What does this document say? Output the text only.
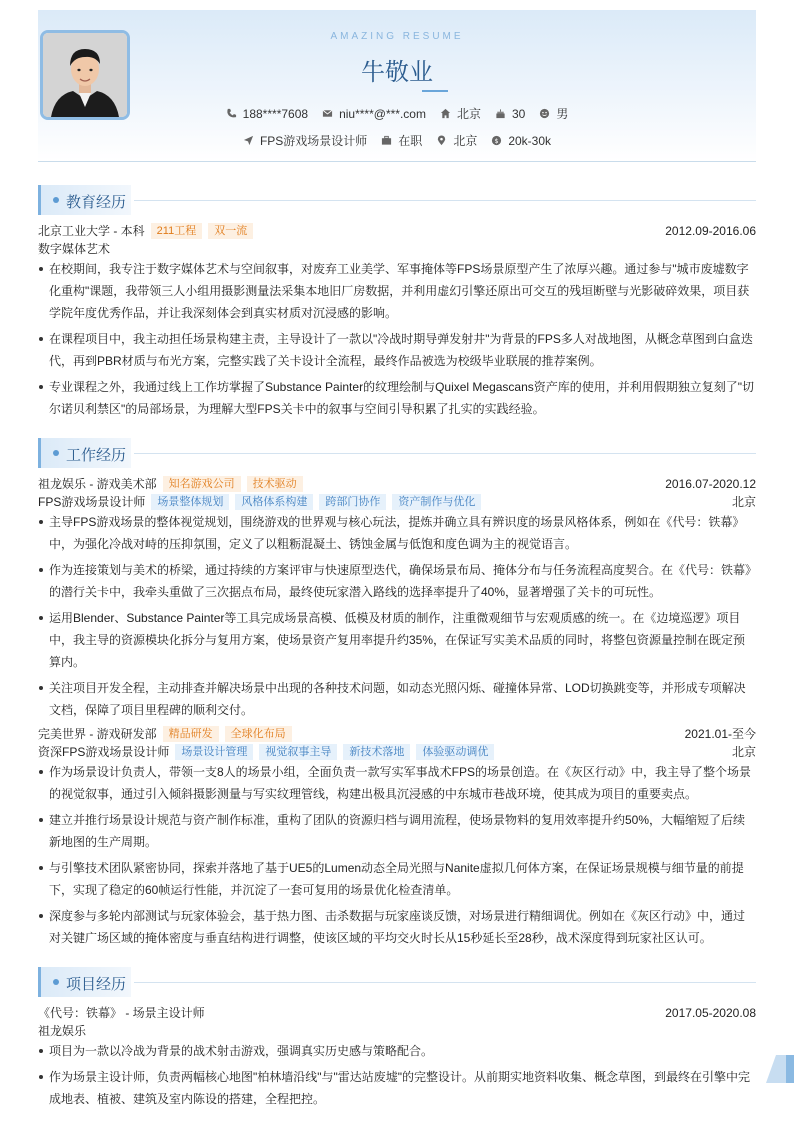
AMAZING RESUME
牛敬业
188****7608	niu****@***.com	北京	30	男
FPS游戏场景设计师	在职	北京 $ 20k-30k
教育经历
北京工业大学 - 本科	211工程	双一流	2012.09-2016.06
数字媒体艺术
在校期间，我专注于数字媒体艺术与空间叙事，对废弃工业美学、军事掩体等FPS场景原型产生了浓厚兴趣。通过参与"城市废墟数字化重构"课题，我带领三人小组用摄影测量法采集本地旧厂房数据，并利用虚幻引擎还原出可交互的残垣断壁与光影破碎效果，项目获学院年度优秀作品，并让我深刻体会到真实材质对沉浸感的影响。
在课程项目中，我主动担任场景构建主责，主导设计了一款以"冷战时期导弹发射井"为背景的FPS多人对战地图，从概念草图到白盒迭代，再到PBR材质与布光方案，完整实践了关卡设计全流程，最终作品被选为校级毕业联展的推荐案例。
专业课程之外，我通过线上工作坊掌握了Substance Painter的纹理绘制与Quixel Megascans资产库的使用，并利用假期独立复刻了"切尔诺贝利禁区"的局部场景，为理解大型FPS关卡中的叙事与空间引导积累了扎实的实践经验。
工作经历
祖龙娱乐 - 游戏美术部	知名游戏公司	技术驱动	2016.07-2020.12
FPS游戏场景设计师	场景整体规划	风格体系构建	跨部门协作	资产制作与优化	北京
主导FPS游戏场景的整体视觉规划，围绕游戏的世界观与核心玩法，提炼并确立具有辨识度的场景风格体系，例如在《代号：铁幕》中，为强化冷战对峙的压抑氛围，定义了以粗粝混凝土、锈蚀金属与低饱和度色调为主的视觉语言。
作为连接策划与美术的桥梁，通过持续的方案评审与快速原型迭代，确保场景布局、掩体分布与任务流程高度契合。在《代号：铁幕》的潜行关卡中，我牵头重做了三次据点布局，最终使玩家潜入路线的选择率提升了40%，显著增强了关卡的可玩性。
运用Blender、Substance Painter等工具完成场景高模、低模及材质的制作，注重微观细节与宏观质感的统一。在《边境巡逻》项目中，我主导的资源模块化拆分与复用方案，使场景资产复用率提升约35%，在保证写实美术品质的同时，将整包资源量控制在既定预算内。
关注项目开发全程，主动排查并解决场景中出现的各种技术问题，如动态光照闪烁、碰撞体异常、LOD切换跳变等，并形成专项解决文档，保障了项目里程碑的顺利交付。
完美世界 - 游戏研发部	精品研发	全球化布局	2021.01-至今
资深FPS游戏场景设计师	场景设计管理	视觉叙事主导	新技术落地	体验驱动调优	北京
作为场景设计负责人，带领一支8人的场景小组，全面负责一款写实军事战术FPS的场景创造。在《灰区行动》中，我主导了整个场景的视觉叙事，通过引入倾斜摄影测量与写实纹理管线，构建出极具沉浸感的中东城市巷战环境，使其成为项目的重要卖点。
建立并推行场景设计规范与资产制作标准，重构了团队的资源归档与调用流程，使场景物料的复用效率提升约50%，大幅缩短了后续新地图的生产周期。
与引擎技术团队紧密协同，探索并落地了基于UE5的Lumen动态全局光照与Nanite虚拟几何体方案，在保证场景规模与细节量的前提下，实现了稳定的60帧运行性能，并沉淀了一套可复用的场景优化检查清单。
深度参与多轮内部测试与玩家体验会，基于热力图、击杀数据与玩家座谈反馈，对场景进行精细调优。例如在《灰区行动》中，通过对关键广场区域的掩体密度与垂直结构进行调整，使该区域的平均交火时长从15秒延长至28秒，战术深度得到玩家社区认可。
项目经历
《代号：铁幕》 - 场景主设计师	2017.05-2020.08
祖龙娱乐
项目为一款以冷战为背景的战术射击游戏，强调真实历史感与策略配合。
作为场景主设计师，负责两幅核心地图"柏林墙沿线"与"雷达站废墟"的完整设计。从前期实地资料收集、概念草图，到最终在引擎中完成地表、植被、建筑及室内陈设的搭建，全程把控。
